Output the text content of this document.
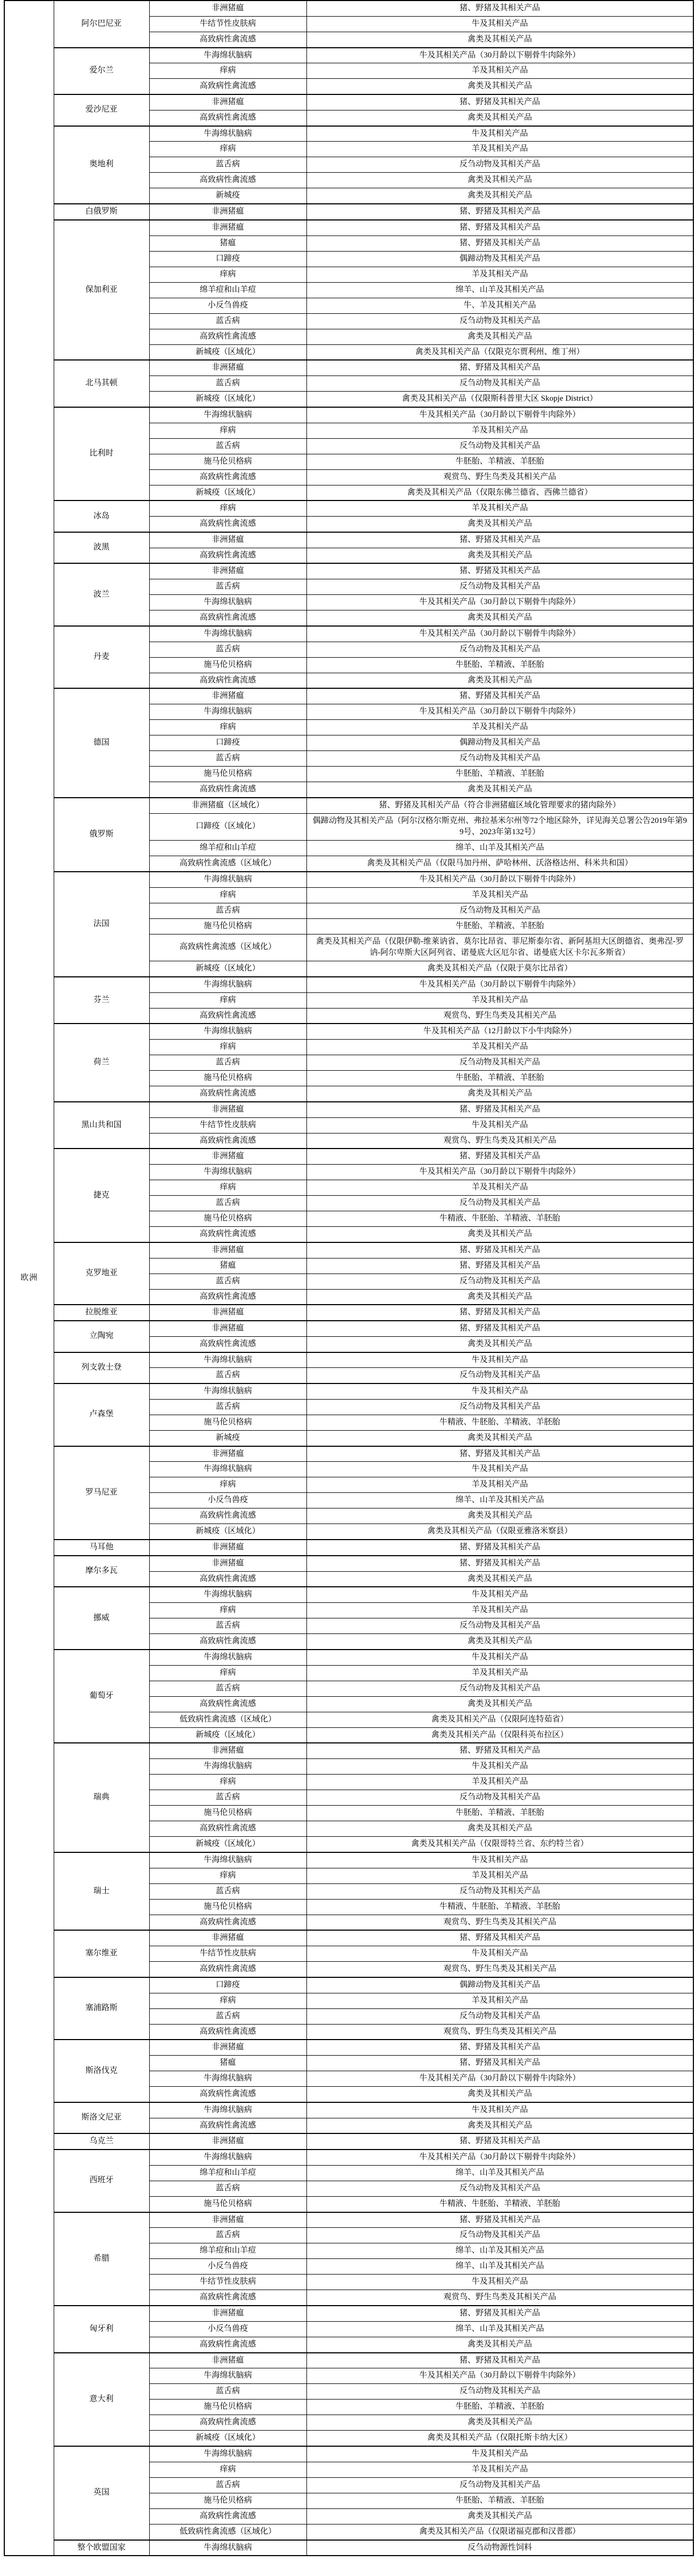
欧洲	阿尔巴尼亚	非洲猪瘟	猪、野猪及其相关产品
		牛结节性皮肤病	牛及其相关产品
		高致病性禽流感	禽类及其相关产品
	爱尔兰	牛海绵状脑病	牛及其相关产品（30月龄以下剔骨牛肉除外）
		痒病	羊及其相关产品
		高致病性禽流感	禽类及其相关产品
	爱沙尼亚	非洲猪瘟	猪、野猪及其相关产品
		高致病性禽流感	禽类及其相关产品
	奥地利	牛海绵状脑病	牛及其相关产品
		痒病	羊及其相关产品
		蓝舌病	反刍动物及其相关产品
		高致病性禽流感	禽类及其相关产品
		新城疫	禽类及其相关产品
	白俄罗斯	非洲猪瘟	猪、野猪及其相关产品
	保加利亚	非洲猪瘟	猪、野猪及其相关产品
		猪瘟	猪、野猪及其相关产品
		口蹄疫	偶蹄动物及其相关产品
		痒病	羊及其相关产品
		绵羊痘和山羊痘	绵羊、山羊及其相关产品
		小反刍兽疫	牛、羊及其相关产品
		蓝舌病	反刍动物及其相关产品
		高致病性禽流感	禽类及其相关产品
		新城疫（区域化）	禽类及其相关产品（仅限克尔贾利州、维丁州）
	北马其顿	非洲猪瘟	猪、野猪及其相关产品
		蓝舌病	反刍动物及其相关产品
		新城疫（区域化）	禽类及其相关产品（仅限斯科普里大区 Skopje District）
	比利时	牛海绵状脑病	牛及其相关产品（30月龄以下剔骨牛肉除外）
		痒病	羊及其相关产品
		蓝舌病	反刍动物及其相关产品
		施马伦贝格病	牛胚胎、羊精液、羊胚胎
		高致病性禽流感	观赏鸟、野生鸟类及其相关产品
		新城疫（区域化）	禽类及其相关产品（仅限东佛兰德省、西佛兰德省）
	冰岛	痒病	羊及其相关产品
		高致病性禽流感	禽类及其相关产品
	波黑	非洲猪瘟	猪、野猪及其相关产品
		高致病性禽流感	禽类及其相关产品
	波兰	非洲猪瘟	猪、野猪及其相关产品
		蓝舌病	反刍动物及其相关产品
		牛海绵状脑病	牛及其相关产品（30月龄以下剔骨牛肉除外）
		高致病性禽流感	禽类及其相关产品
	丹麦	牛海绵状脑病	牛及其相关产品（30月龄以下剔骨牛肉除外）
		蓝舌病	反刍动物及其相关产品
		施马伦贝格病	牛胚胎、羊精液、羊胚胎
		高致病性禽流感	禽类及其相关产品
	德国	非洲猪瘟	猪、野猪及其相关产品
		牛海绵状脑病	牛及其相关产品（30月龄以下剔骨牛肉除外）
		痒病	羊及其相关产品
		口蹄疫	偶蹄动物及其相关产品
		蓝舌病	反刍动物及其相关产品
		施马伦贝格病	牛胚胎、羊精液、羊胚胎
		高致病性禽流感	禽类及其相关产品
	俄罗斯	非洲猪瘟（区域化）	猪、野猪及其相关产品（符合非洲猪瘟区域化管理要求的猪肉除外）
		口蹄疫（区域化）	偶蹄动物及其相关产品（阿尔汉格尔斯克州、弗拉基米尔州等72个地区除外，详见海关总署公告2019年第99号、2023年第132号）
		绵羊痘和山羊痘	绵羊、山羊及其相关产品
		高致病性禽流感（区域化）	禽类及其相关产品（仅限马加丹州、萨哈林州、沃洛格达州、科米共和国）
	法国	牛海绵状脑病	牛及其相关产品（30月龄以下剔骨牛肉除外）
		痒病	羊及其相关产品
		蓝舌病	反刍动物及其相关产品
		施马伦贝格病	牛胚胎、羊精液、羊胚胎
		高致病性禽流感（区域化）	禽类及其相关产品（仅限伊勒-维莱讷省、莫尔比昂省、菲尼斯泰尔省、新阿基坦大区朗德省、奥弗涅-罗讷-阿尔卑斯大区阿列省、诺曼底大区厄尔省、诺曼底大区卡尔瓦多斯省）
		新城疫（区域化）	禽类及其相关产品（仅限于莫尔比昂省）
	芬兰	牛海绵状脑病	牛及其相关产品（30月龄以下剔骨牛肉除外）
		痒病	羊及其相关产品
		高致病性禽流感	观赏鸟、野生鸟类及其相关产品
	荷兰	牛海绵状脑病	牛及其相关产品（12月龄以下小牛肉除外）
		痒病	羊及其相关产品
		蓝舌病	反刍动物及其相关产品
		施马伦贝格病	牛胚胎、羊精液、羊胚胎
		高致病性禽流感	禽类及其相关产品
	黑山共和国	非洲猪瘟	猪、野猪及其相关产品
		牛结节性皮肤病	牛及其相关产品
		高致病性禽流感	观赏鸟、野生鸟类及其相关产品
	捷克	非洲猪瘟	猪、野猪及其相关产品
		牛海绵状脑病	牛及其相关产品（30月龄以下剔骨牛肉除外）
		痒病	羊及其相关产品
		蓝舌病	反刍动物及其相关产品
		施马伦贝格病	牛精液、牛胚胎、羊精液、羊胚胎
		高致病性禽流感	禽类及其相关产品
	克罗地亚	非洲猪瘟	猪、野猪及其相关产品
		猪瘟	猪、野猪及其相关产品
		蓝舌病	反刍动物及其相关产品
		高致病性禽流感	禽类及其相关产品
	拉脱维亚	非洲猪瘟	猪、野猪及其相关产品
	立陶宛	非洲猪瘟	猪、野猪及其相关产品
		高致病性禽流感	禽类及其相关产品
	列支敦士登	牛海绵状脑病	牛及其相关产品
		蓝舌病	反刍动物及其相关产品
	卢森堡	牛海绵状脑病	牛及其相关产品
		蓝舌病	反刍动物及其相关产品
		施马伦贝格病	牛精液、牛胚胎、羊精液、羊胚胎
		新城疫	禽类及其相关产品
	罗马尼亚	非洲猪瘟	猪、野猪及其相关产品
		牛海绵状脑病	牛及其相关产品
		痒病	羊及其相关产品
		小反刍兽疫	绵羊、山羊及其相关产品
		高致病性禽流感	禽类及其相关产品
		新城疫（区域化）	禽类及其相关产品（仅限亚雅洛米察县）
	马耳他	非洲猪瘟	猪、野猪及其相关产品
	摩尔多瓦	非洲猪瘟	猪、野猪及其相关产品
		高致病性禽流感	禽类及其相关产品
	挪威	牛海绵状脑病	牛及其相关产品
		痒病	羊及其相关产品
		蓝舌病	反刍动物及其相关产品
		高致病性禽流感	禽类及其相关产品
	葡萄牙	牛海绵状脑病	牛及其相关产品
		痒病	羊及其相关产品
		蓝舌病	反刍动物及其相关产品
		高致病性禽流感	禽类及其相关产品
		低致病性禽流感（区域化）	禽类及其相关产品（仅限阿连特茹省）
		新城疫（区域化）	禽类及其相关产品（仅限科英布拉区）
	瑞典	非洲猪瘟	猪、野猪及其相关产品
		牛海绵状脑病	牛及其相关产品
		痒病	羊及其相关产品
		蓝舌病	反刍动物及其相关产品
		施马伦贝格病	牛胚胎、羊精液、羊胚胎
		高致病性禽流感	禽类及其相关产品
		新城疫（区域化）	禽类及其相关产品（仅限哥特兰省、东约特兰省）
	瑞士	牛海绵状脑病	牛及其相关产品
		痒病	羊及其相关产品
		蓝舌病	反刍动物及其相关产品
		施马伦贝格病	牛精液、牛胚胎、羊精液、羊胚胎
		高致病性禽流感	观赏鸟、野生鸟类及其相关产品
	塞尔维亚	非洲猪瘟	猪、野猪及其相关产品
		牛结节性皮肤病	牛及其相关产品
		高致病性禽流感	观赏鸟、野生鸟类及其相关产品
	塞浦路斯	口蹄疫	偶蹄动物及其相关产品
		痒病	羊及其相关产品
		蓝舌病	反刍动物及其相关产品
		高致病性禽流感	观赏鸟、野生鸟类及其相关产品
	斯洛伐克	非洲猪瘟	猪、野猪及其相关产品
		猪瘟	猪、野猪及其相关产品
		牛海绵状脑病	牛及其相关产品（30月龄以下剔骨牛肉除外）
		高致病性禽流感	禽类及其相关产品
	斯洛文尼亚	牛海绵状脑病	牛及其相关产品
		高致病性禽流感	禽类及其相关产品
	乌克兰	非洲猪瘟	猪、野猪及其相关产品
	西班牙	牛海绵状脑病	牛及其相关产品（30月龄以下剔骨牛肉除外）
		绵羊痘和山羊痘	绵羊、山羊及其相关产品
		蓝舌病	反刍动物及其相关产品
		施马伦贝格病	牛精液、牛胚胎、羊精液、羊胚胎
	希腊	非洲猪瘟	猪、野猪及其相关产品
		蓝舌病	反刍动物及其相关产品
		绵羊痘和山羊痘	绵羊、山羊及其相关产品
		小反刍兽疫	绵羊、山羊及其相关产品
		牛结节性皮肤病	牛及其相关产品
		高致病性禽流感	观赏鸟、野生鸟类及其相关产品
	匈牙利	非洲猪瘟	猪、野猪及其相关产品
		小反刍兽疫	绵羊、山羊及其相关产品
		高致病性禽流感	禽类及其相关产品
	意大利	非洲猪瘟	猪、野猪及其相关产品
		牛海绵状脑病	牛及其相关产品（30月龄以下剔骨牛肉除外）
		蓝舌病	反刍动物及其相关产品
		施马伦贝格病	牛胚胎、羊精液、羊胚胎
		高致病性禽流感	禽类及其相关产品
		新城疫（区域化）	禽类及其相关产品（仅限托斯卡纳大区）
	英国	牛海绵状脑病	牛及其相关产品
		痒病	羊及其相关产品
		蓝舌病	反刍动物及其相关产品
		施马伦贝格病	牛胚胎、羊精液、羊胚胎
		高致病性禽流感	禽类及其相关产品
		低致病性禽流感（区域化）	禽类及其相关产品（仅限诺福克郡和汉普郡）
	整个欧盟国家	牛海绵状脑病	反刍动物源性饲料
